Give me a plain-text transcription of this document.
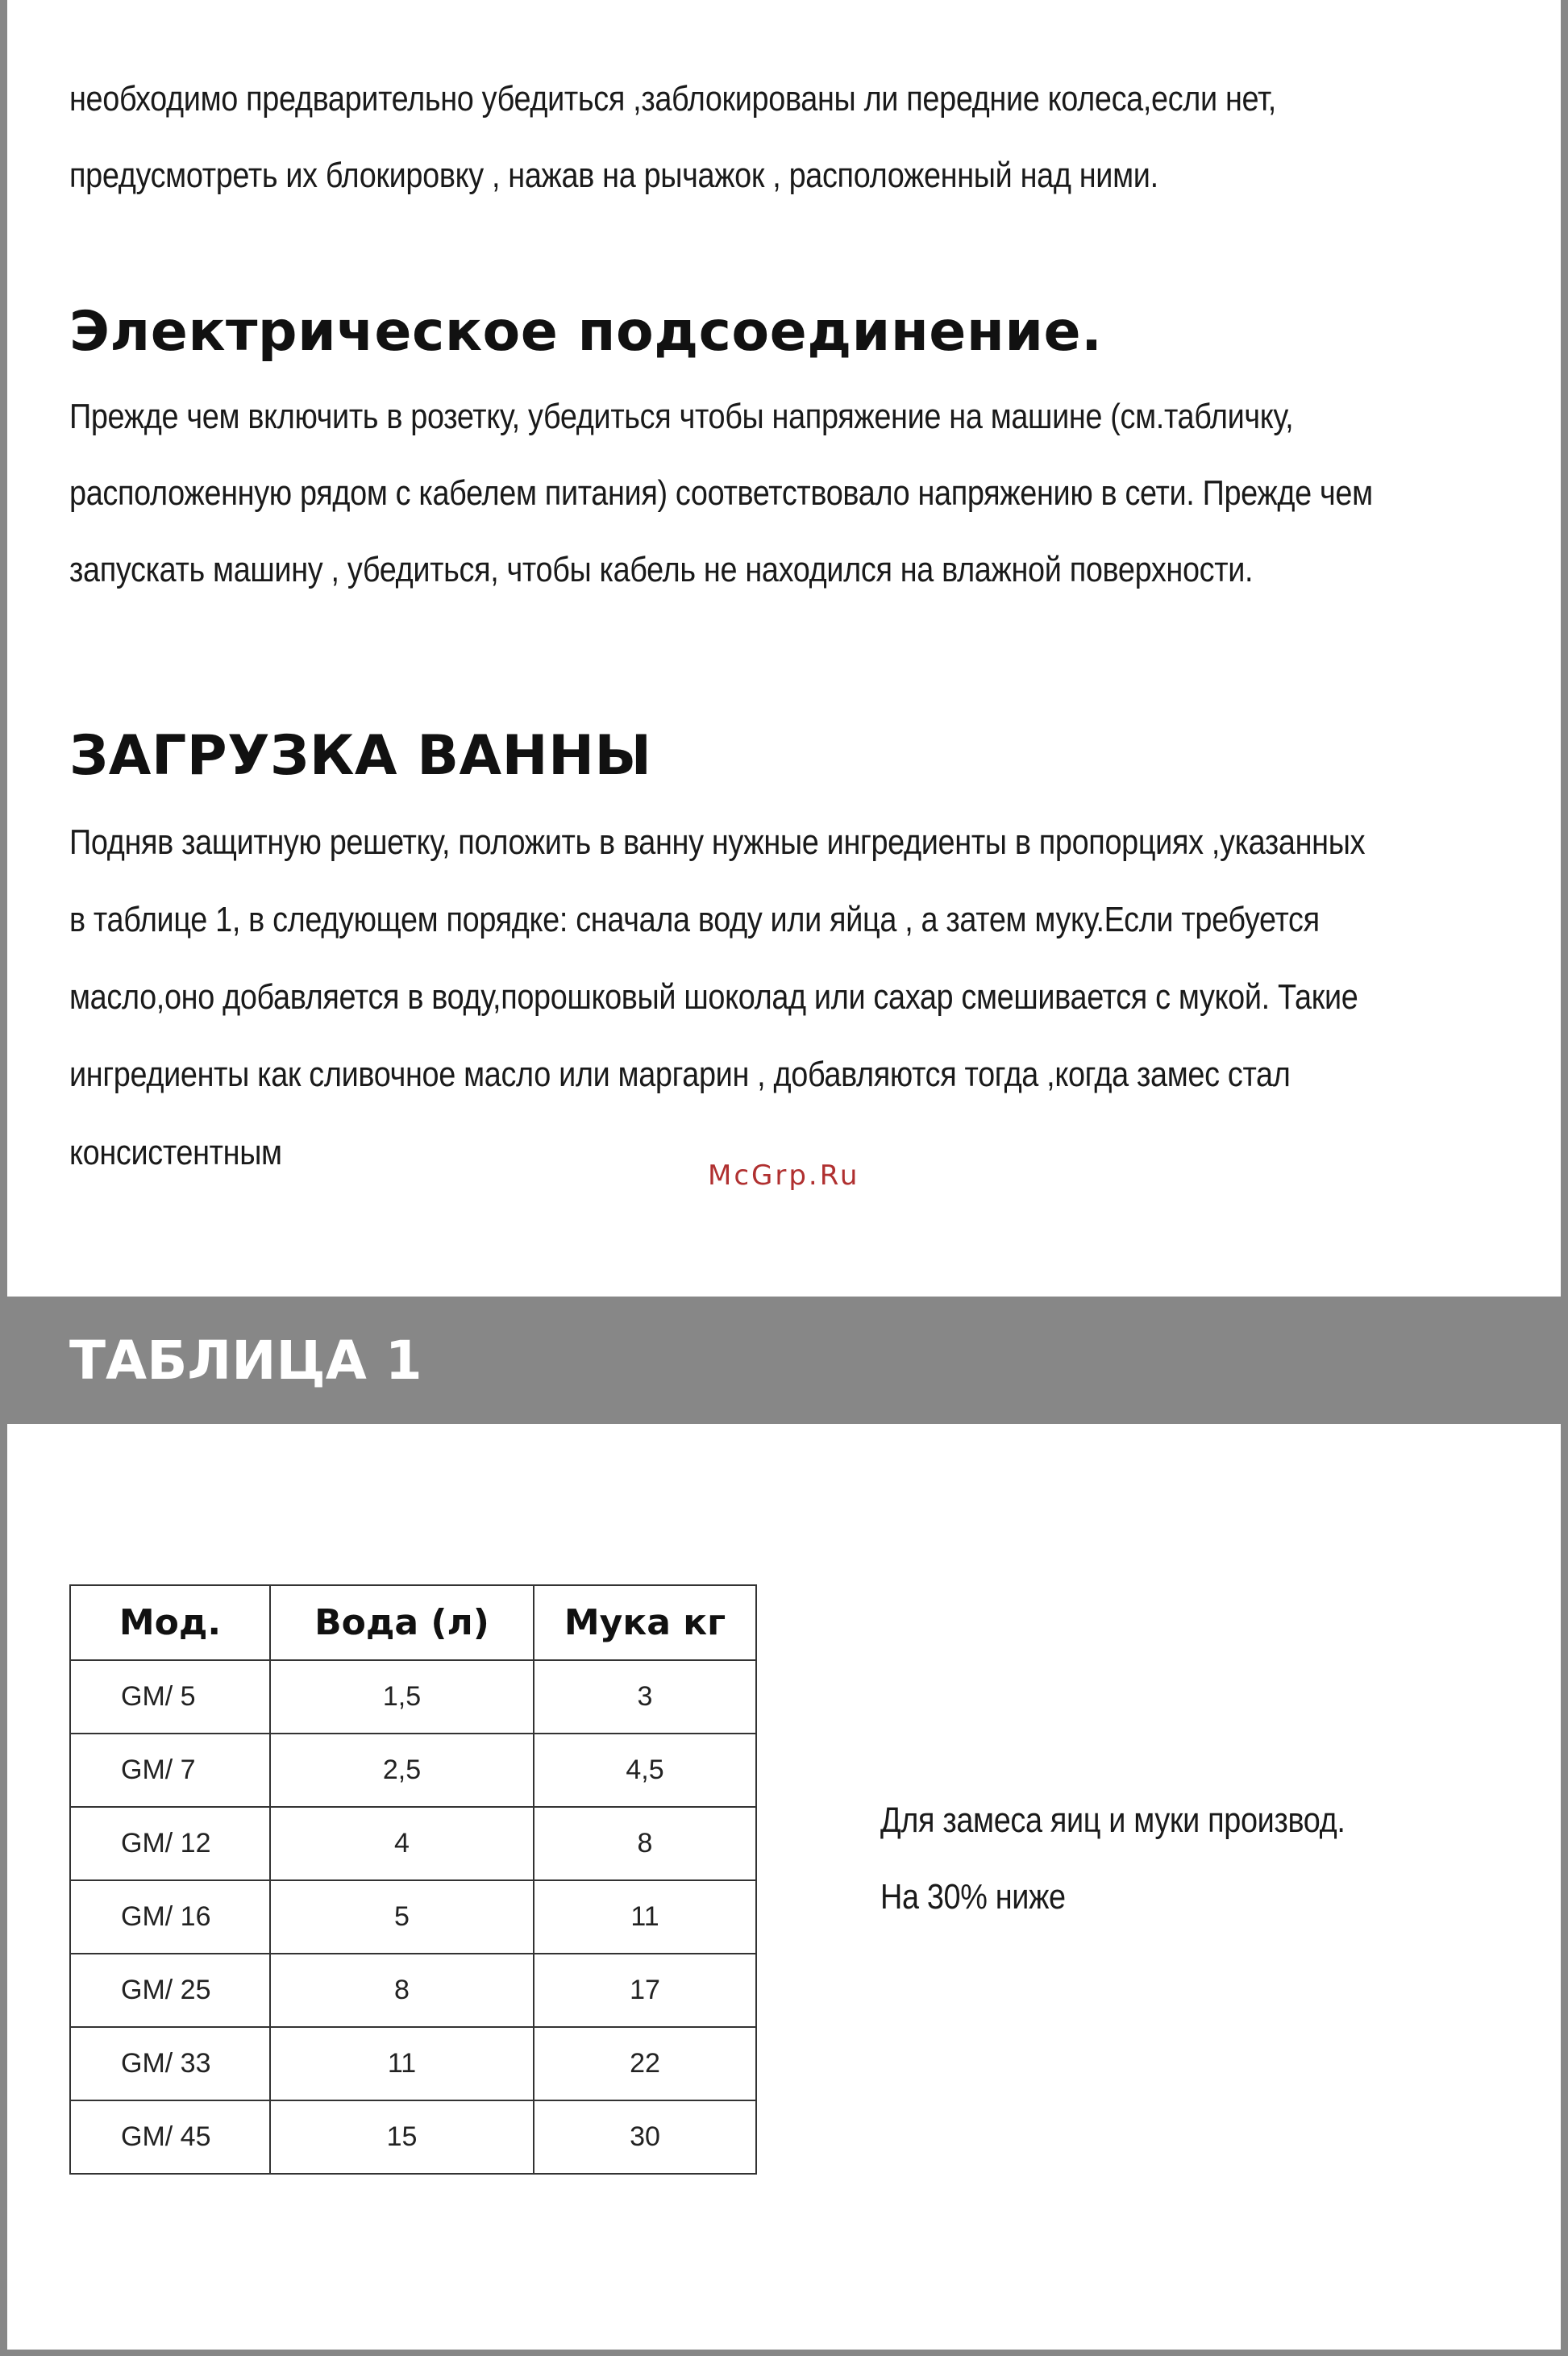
необходимо предварительно убедиться ,заблокированы ли передние колеса,если нет,
предусмотреть их блокировку , нажав на рычажок , расположенный над ними.
Электрическое подсоединение.
Прежде чем включить в розетку, убедиться чтобы напряжение на машине (см.табличку,
расположенную рядом с кабелем питания) соответствовало напряжению в сети. Прежде чем
запускать машину , убедиться, чтобы кабель не находился на влажной поверхности.
ЗАГРУЗКА ВАННЫ
Подняв защитную решетку, положить в ванну нужные ингредиенты в пропорциях ,указанных
в таблице 1, в следующем порядке: сначала воду или яйца , а затем муку.Если требуется
масло,оно добавляется в воду,порошковый шоколад или сахар смешивается с мукой. Такие
ингредиенты как сливочное масло или маргарин , добавляются тогда ,когда замес стал
консистентным
McGrp.Ru
ТАБЛИЦА 1
Мод.	Вода (л)	Мука кг
GM/ 5	1,5	3
GM/ 7	2,5	4,5
GM/ 12	4	8
GM/ 16	5	11
GM/ 25	8	17
GM/ 33	11	22
GM/ 45	15	30
Для замеса яиц и муки производ.
На 30% ниже
